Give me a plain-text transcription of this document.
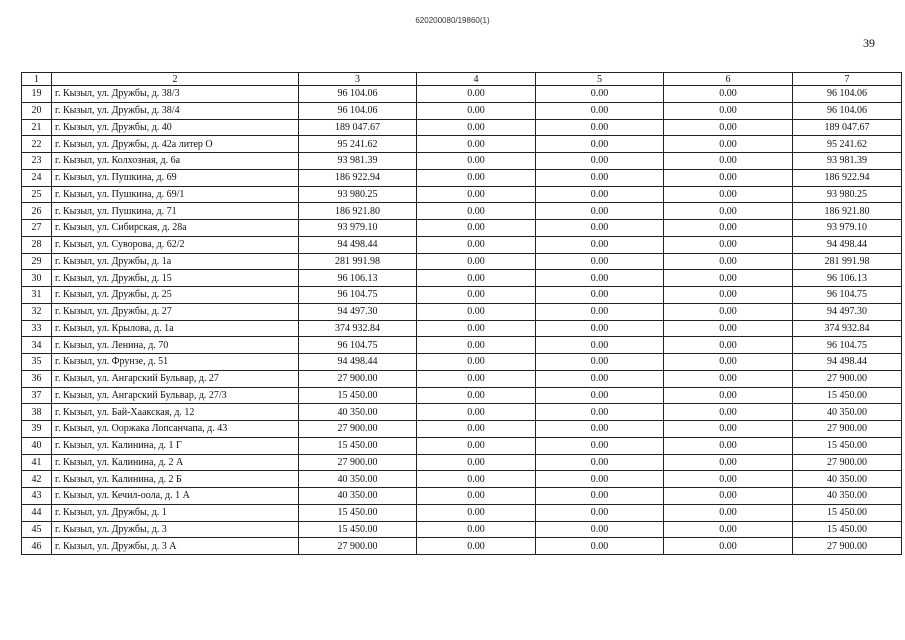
620200080/19860(1)
39
1	2	3	4	5	6	7
19	г. Кызыл, ул. Дружбы, д. 38/3	96 104.06	0.00	0.00	0.00	96 104.06
20	г. Кызыл, ул. Дружбы, д. 38/4	96 104.06	0.00	0.00	0.00	96 104.06
21	г. Кызыл, ул. Дружбы, д. 40	189 047.67	0.00	0.00	0.00	189 047.67
22	г. Кызыл, ул. Дружбы, д. 42а литер О	95 241.62	0.00	0.00	0.00	95 241.62
23	г. Кызыл, ул. Колхозная, д. 6а	93 981.39	0.00	0.00	0.00	93 981.39
24	г. Кызыл, ул. Пушкина, д. 69	186 922.94	0.00	0.00	0.00	186 922.94
25	г. Кызыл, ул. Пушкина, д. 69/1	93 980.25	0.00	0.00	0.00	93 980.25
26	г. Кызыл, ул. Пушкина, д. 71	186 921.80	0.00	0.00	0.00	186 921.80
27	г. Кызыл, ул. Сибирская, д. 28а	93 979.10	0.00	0.00	0.00	93 979.10
28	г. Кызыл, ул. Суворова, д. 62/2	94 498.44	0.00	0.00	0.00	94 498.44
29	г. Кызыл, ул. Дружбы, д. 1а	281 991.98	0.00	0.00	0.00	281 991.98
30	г. Кызыл, ул. Дружбы, д. 15	96 106.13	0.00	0.00	0.00	96 106.13
31	г. Кызыл, ул. Дружбы, д. 25	96 104.75	0.00	0.00	0.00	96 104.75
32	г. Кызыл, ул. Дружбы, д. 27	94 497.30	0.00	0.00	0.00	94 497.30
33	г. Кызыл, ул. Крылова, д. 1а	374 932.84	0.00	0.00	0.00	374 932.84
34	г. Кызыл, ул. Ленина, д. 70	96 104.75	0.00	0.00	0.00	96 104.75
35	г. Кызыл, ул. Фрунзе, д. 51	94 498.44	0.00	0.00	0.00	94 498.44
36	г. Кызыл, ул. Ангарский Бульвар, д. 27	27 900.00	0.00	0.00	0.00	27 900.00
37	г. Кызыл, ул. Ангарский Бульвар, д. 27/3	15 450.00	0.00	0.00	0.00	15 450.00
38	г. Кызыл, ул. Бай-Хаакская, д. 12	40 350.00	0.00	0.00	0.00	40 350.00
39	г. Кызыл, ул. Ооржака Лопсанчапа, д. 43	27 900.00	0.00	0.00	0.00	27 900.00
40	г. Кызыл, ул. Калинина, д. 1 Г	15 450.00	0.00	0.00	0.00	15 450.00
41	г. Кызыл, ул. Калинина, д. 2 А	27 900.00	0.00	0.00	0.00	27 900.00
42	г. Кызыл, ул. Калинина, д. 2 Б	40 350.00	0.00	0.00	0.00	40 350.00
43	г. Кызыл, ул. Кечил-оола, д. 1 А	40 350.00	0.00	0.00	0.00	40 350.00
44	г. Кызыл, ул. Дружбы, д. 1	15 450.00	0.00	0.00	0.00	15 450.00
45	г. Кызыл, ул. Дружбы, д. 3	15 450.00	0.00	0.00	0.00	15 450.00
46	г. Кызыл, ул. Дружбы, д. 3 А	27 900.00	0.00	0.00	0.00	27 900.00
